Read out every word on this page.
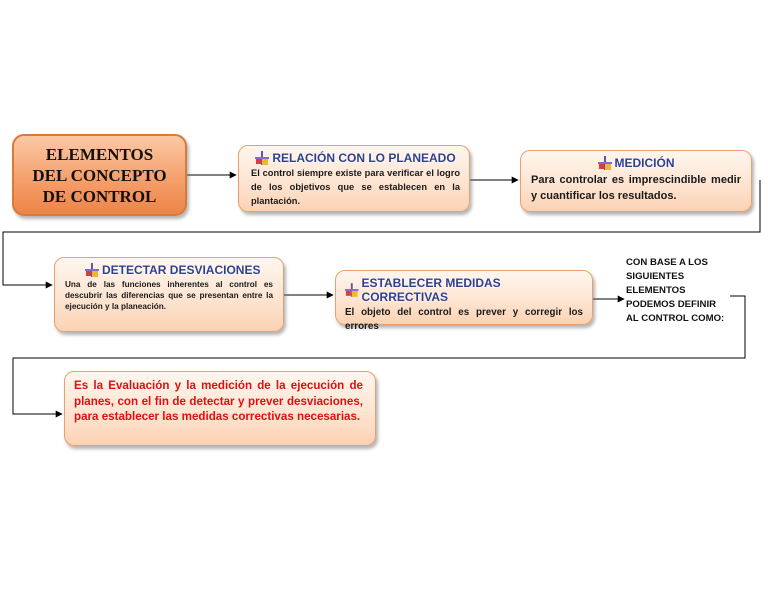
ELEMENTOS
DEL CONCEPTO
DE CONTROL
RELACIÓN CON LO PLANEADO
El control siempre existe para verificar el logro de los objetivos que se establecen en la plantación.
MEDICIÓN
Para controlar es imprescindible medir y cuantificar los resultados.
DETECTAR DESVIACIONES
Una de las funciones inherentes al control es descubrir las diferencias que se presentan entre la ejecución y la planeación.
ESTABLECER MEDIDAS CORRECTIVAS
El objeto del control es prever y corregir los errores
CON BASE A LOS
SIGUIENTES
ELEMENTOS
PODEMOS DEFINIR
AL CONTROL COMO:
Es la Evaluación y la medición de la ejecución de planes, con el fin de detectar y prever desviaciones, para establecer las medidas correctivas necesarias.
